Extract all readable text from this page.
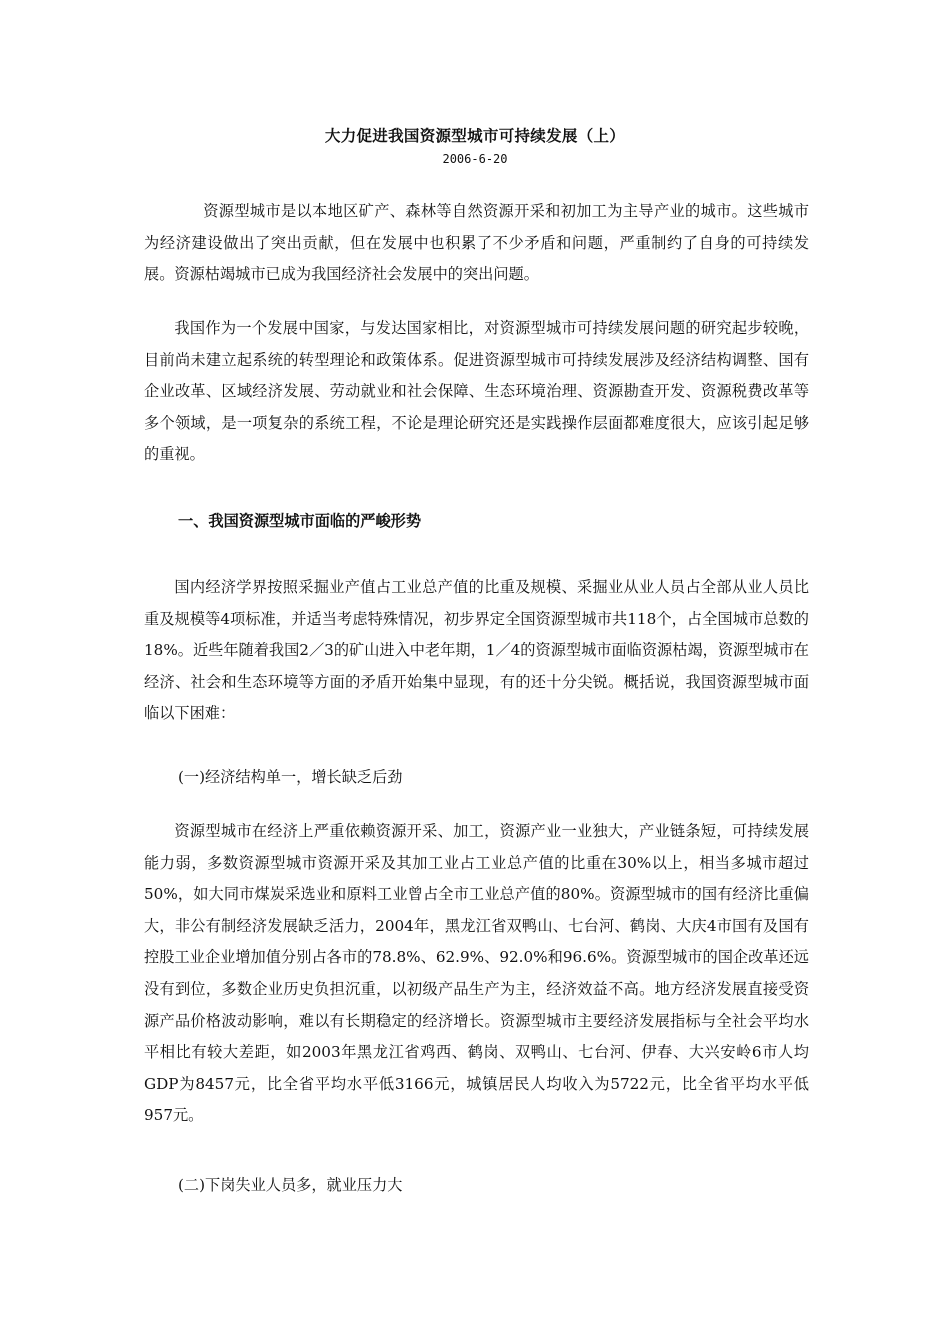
大力促进我国资源型城市可持续发展（上）
2006-6-20

资源型城市是以本地区矿产、森林等自然资源开采和初加工为主导产业的城市。这些城市为经济建设做出了突出贡献，但在发展中也积累了不少矛盾和问题，严重制约了自身的可持续发展。资源枯竭城市已成为我国经济社会发展中的突出问题。

我国作为一个发展中国家，与发达国家相比，对资源型城市可持续发展问题的研究起步较晚，目前尚未建立起系统的转型理论和政策体系。促进资源型城市可持续发展涉及经济结构调整、国有企业改革、区域经济发展、劳动就业和社会保障、生态环境治理、资源勘查开发、资源税费改革等多个领域，是一项复杂的系统工程，不论是理论研究还是实践操作层面都难度很大，应该引起足够的重视。

一、我国资源型城市面临的严峻形势

国内经济学界按照采掘业产值占工业总产值的比重及规模、采掘业从业人员占全部从业人员比重及规模等4项标准，并适当考虑特殊情况，初步界定全国资源型城市共118个，占全国城市总数的18%。近些年随着我国2／3的矿山进入中老年期，1／4的资源型城市面临资源枯竭，资源型城市在经济、社会和生态环境等方面的矛盾开始集中显现，有的还十分尖锐。概括说，我国资源型城市面临以下困难：

(一)经济结构单一，增长缺乏后劲

资源型城市在经济上严重依赖资源开采、加工，资源产业一业独大，产业链条短，可持续发展能力弱，多数资源型城市资源开采及其加工业占工业总产值的比重在30%以上，相当多城市超过50%，如大同市煤炭采选业和原料工业曾占全市工业总产值的80%。资源型城市的国有经济比重偏大，非公有制经济发展缺乏活力，2004年，黑龙江省双鸭山、七台河、鹤岗、大庆4市国有及国有控股工业企业增加值分别占各市的78.8%、62.9%、92.0%和96.6%。资源型城市的国企改革还远没有到位，多数企业历史负担沉重，以初级产品生产为主，经济效益不高。地方经济发展直接受资源产品价格波动影响，难以有长期稳定的经济增长。资源型城市主要经济发展指标与全社会平均水平相比有较大差距，如2003年黑龙江省鸡西、鹤岗、双鸭山、七台河、伊春、大兴安岭6市人均GDP为8457元，比全省平均水平低3166元，城镇居民人均收入为5722元，比全省平均水平低957元。

(二)下岗失业人员多，就业压力大
